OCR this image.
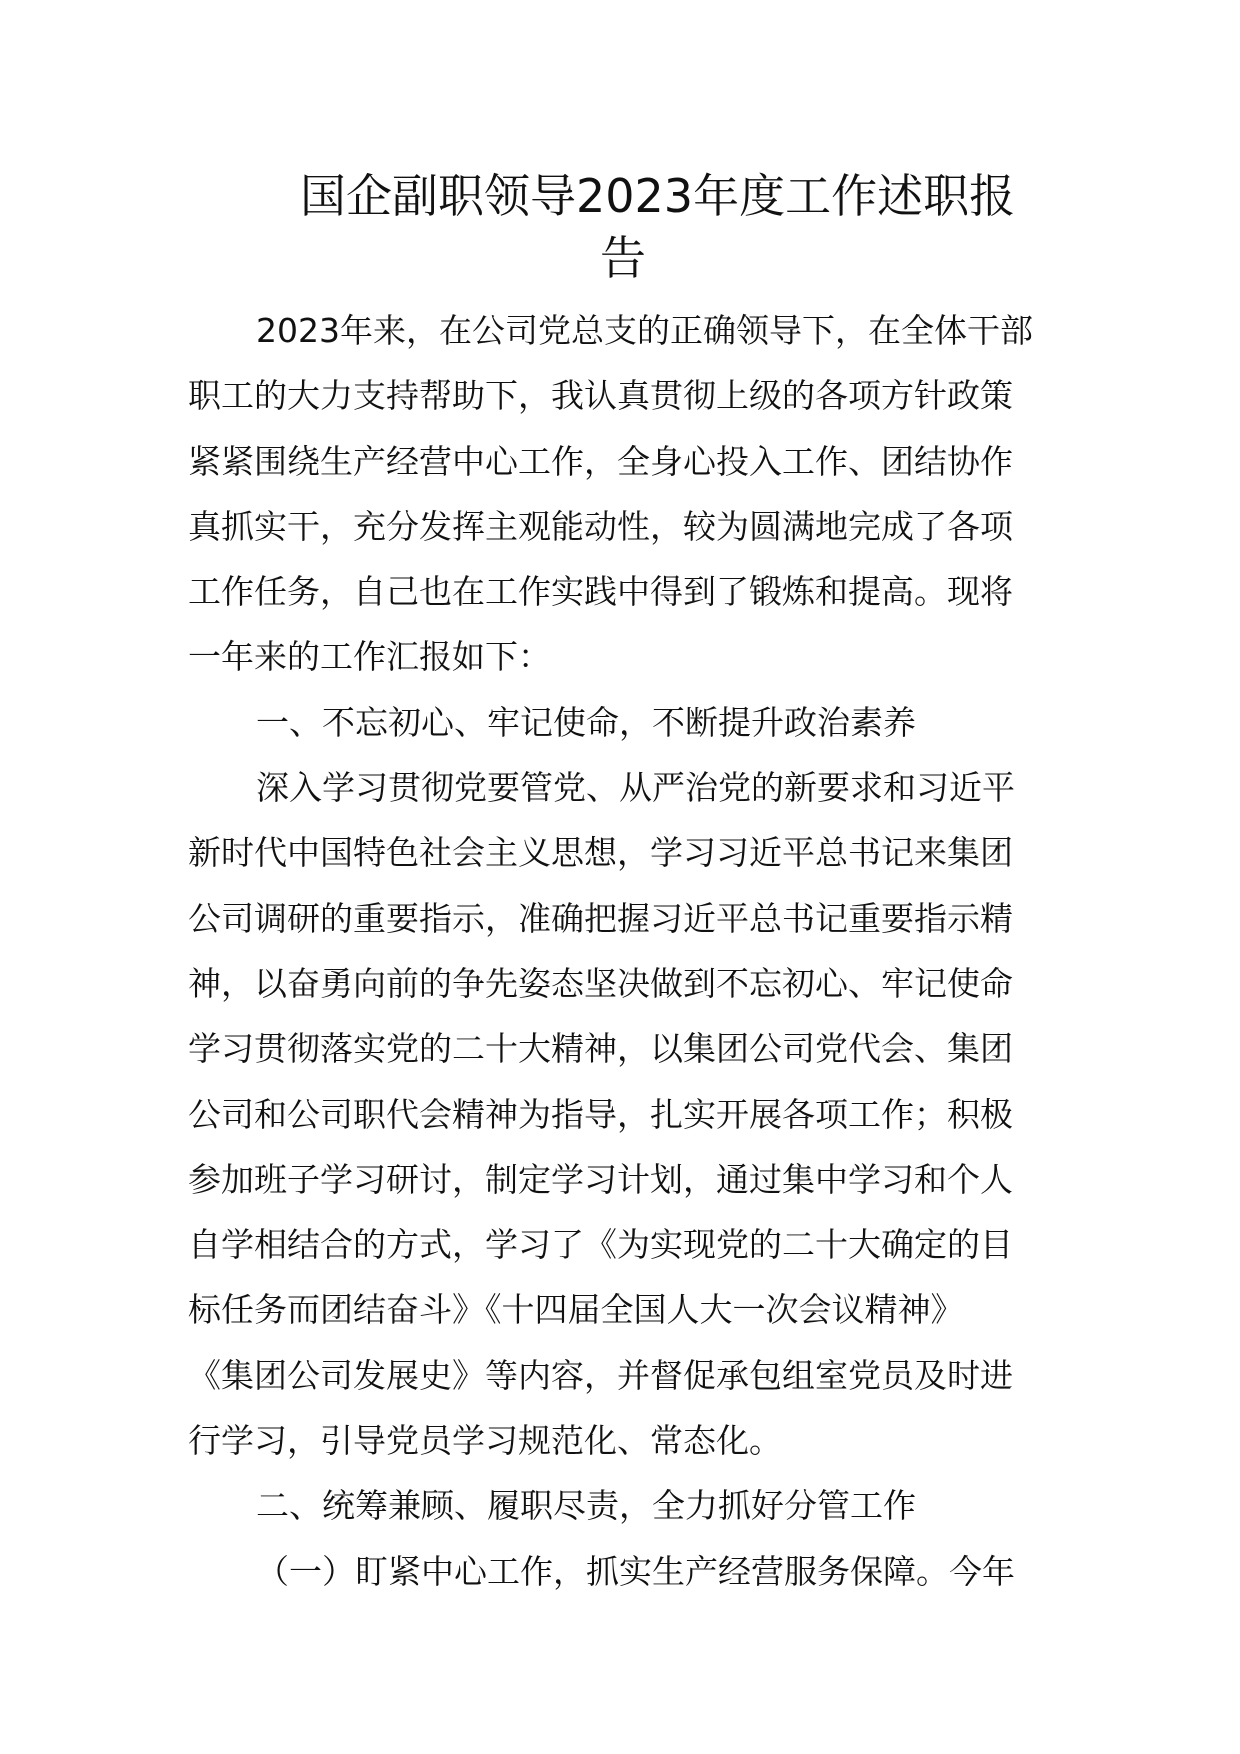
国企副职领导2023年度工作述职报
告
2023年来，在公司党总支的正确领导下，在全体干部
职工的大力支持帮助下，我认真贯彻上级的各项方针政策
紧紧围绕生产经营中心工作，全身心投入工作、团结协作
真抓实干，充分发挥主观能动性，较为圆满地完成了各项
工作任务，自己也在工作实践中得到了锻炼和提高。现将
一年来的工作汇报如下：
一、不忘初心、牢记使命，不断提升政治素养
深入学习贯彻党要管党、从严治党的新要求和习近平
新时代中国特色社会主义思想，学习习近平总书记来集团
公司调研的重要指示，准确把握习近平总书记重要指示精
神，以奋勇向前的争先姿态坚决做到不忘初心、牢记使命
学习贯彻落实党的二十大精神，以集团公司党代会、集团
公司和公司职代会精神为指导，扎实开展各项工作；积极
参加班子学习研讨，制定学习计划，通过集中学习和个人
自学相结合的方式，学习了《为实现党的二十大确定的目
标任务而团结奋斗》《十四届全国人大一次会议精神》
《集团公司发展史》等内容，并督促承包组室党员及时进
行学习，引导党员学习规范化、常态化。
二、统筹兼顾、履职尽责，全力抓好分管工作
（一）盯紧中心工作，抓实生产经营服务保障。今年
